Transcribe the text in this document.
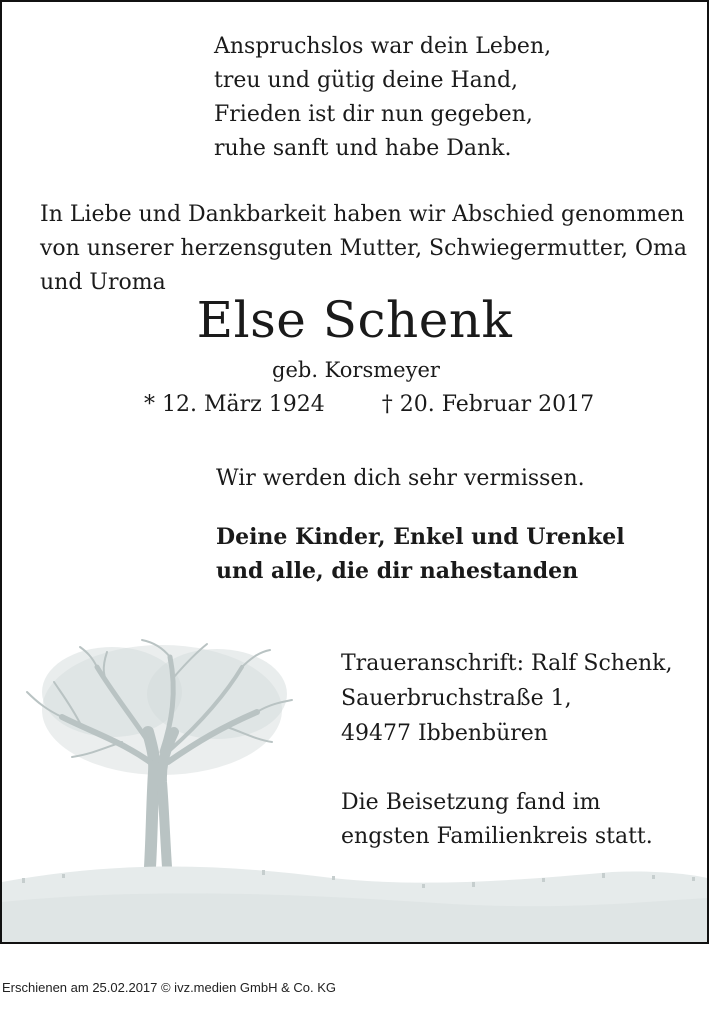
Anspruchslos war dein Leben,
treu und gütig deine Hand,
Frieden ist dir nun gegeben,
ruhe sanft und habe Dank.
In Liebe und Dankbarkeit haben wir Abschied genommen
von unserer herzensguten Mutter, Schwiegermutter, Oma
und Uroma
Else Schenk
geb. Korsmeyer
* 12. März 1924	† 20. Februar 2017
Wir werden dich sehr vermissen.
Deine Kinder, Enkel und Urenkel
und alle, die dir nahestanden
Traueranschrift: Ralf Schenk,
Sauerbruchstraße 1,
49477 Ibbenbüren
Die Beisetzung fand im
engsten Familienkreis statt.
Erschienen am 25.02.2017 © ivz.medien GmbH & Co. KG
